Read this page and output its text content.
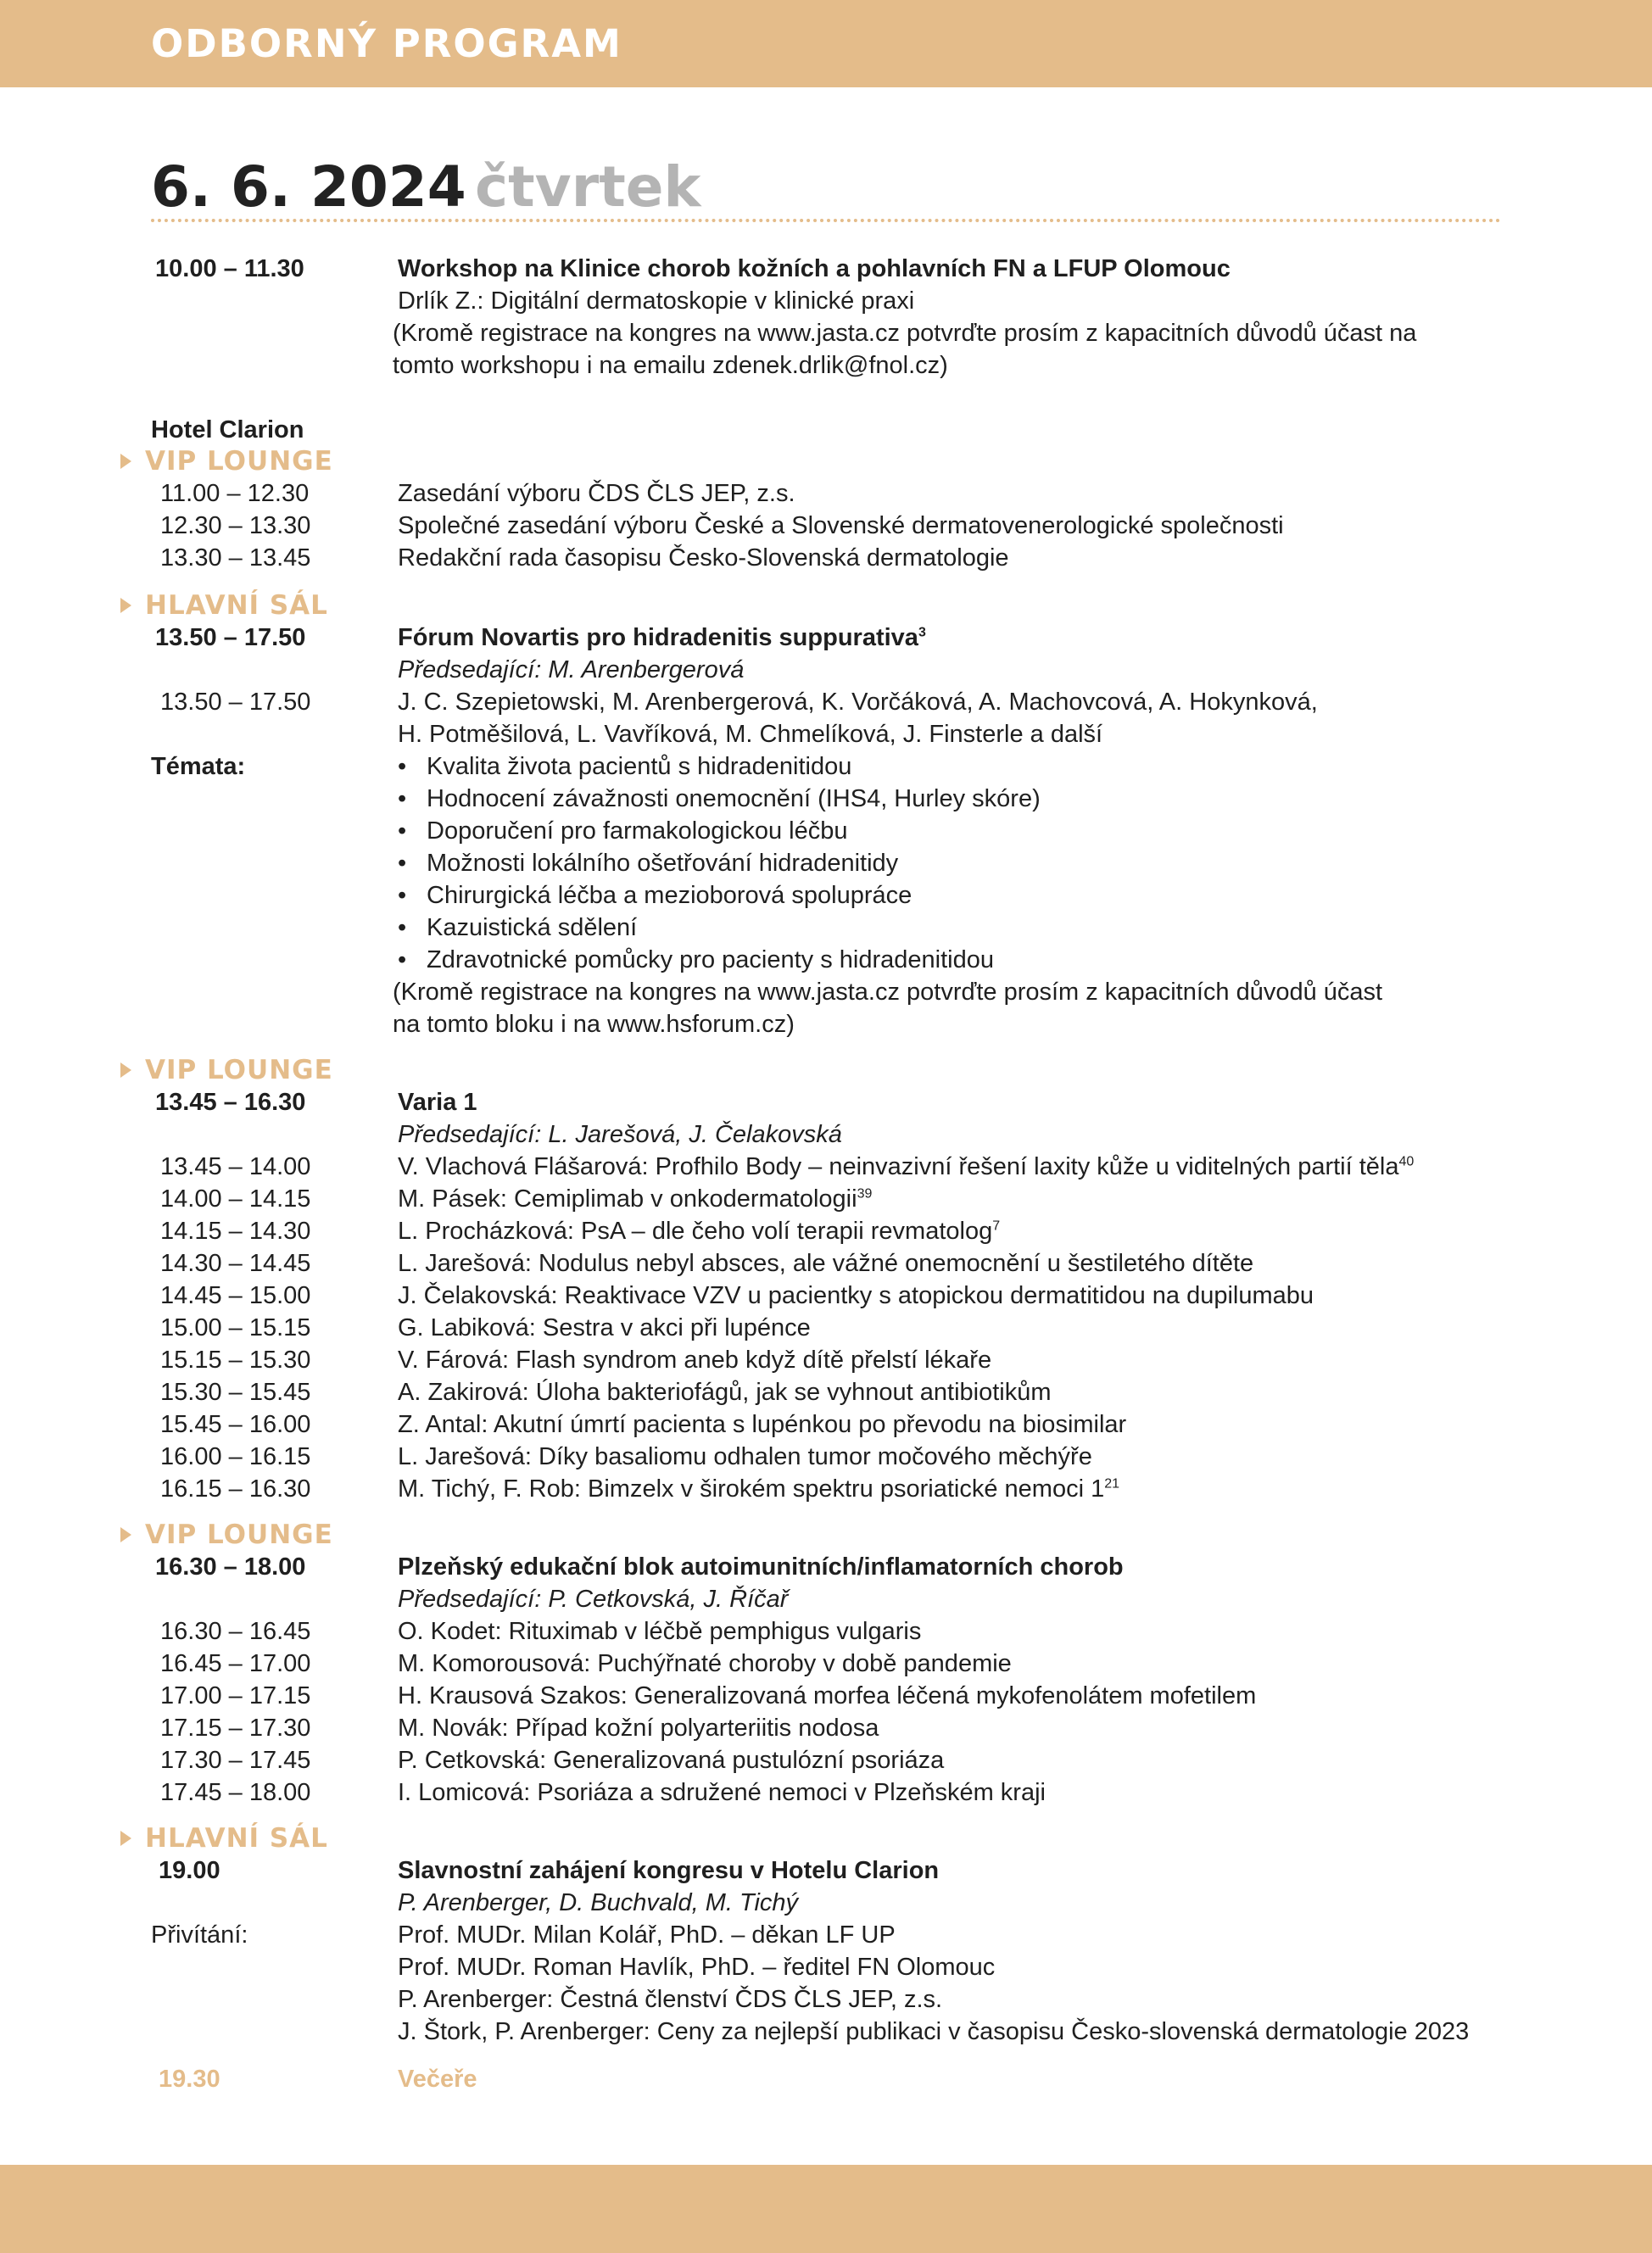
ODBORNÝ PROGRAM
6. 6. 2024 čtvrtek
10.00 – 11.30	Workshop na Klinice chorob kožních a pohlavních FN a LFUP Olomouc
Drlík Z.: Digitální dermatoskopie v klinické praxi
(Kromě registrace na kongres na www.jasta.cz potvrďte prosím z kapacitních důvodů účast na
tomto workshopu i na emailu zdenek.drlik@fnol.cz)
Hotel Clarion
VIP LOUNGE
11.00 – 12.30	Zasedání výboru ČDS ČLS JEP, z.s.
12.30 – 13.30	Společné zasedání výboru České a Slovenské dermatovenerologické společnosti
13.30 – 13.45	Redakční rada časopisu Česko-Slovenská dermatologie
HLAVNÍ SÁL
13.50 – 17.50	Fórum Novartis pro hidradenitis suppurativa$^3$
Předsedající: M. Arenbergerová
13.50 – 17.50	J. C. Szepietowski, M. Arenbergerová, K. Vorčáková, A. Machovcová, A. Hokynková,
H. Potměšilová, L. Vavříková, M. Chmelíková, J. Finsterle a další
Témata:	• Kvalita života pacientů s hidradenitidou
• Hodnocení závažnosti onemocnění (IHS4, Hurley skóre)
• Doporučení pro farmakologickou léčbu
• Možnosti lokálního ošetřování hidradenitidy
• Chirurgická léčba a mezioborová spolupráce
• Kazuistická sdělení
• Zdravotnické pomůcky pro pacienty s hidradenitidou
(Kromě registrace na kongres na www.jasta.cz potvrďte prosím z kapacitních důvodů účast
na tomto bloku i na www.hsforum.cz)
VIP LOUNGE
13.45 – 16.30	Varia 1
Předsedající: L. Jarešová, J. Čelakovská
13.45 – 14.00	V. Vlachová Flášarová: Profhilo Body – neinvazivní řešení laxity kůže u viditelných partií těla$^{40}$
14.00 – 14.15	M. Pásek: Cemiplimab v onkodermatologii$^{39}$
14.15 – 14.30	L. Procházková: PsA – dle čeho volí terapii revmatolog$^7$
14.30 – 14.45	L. Jarešová: Nodulus nebyl absces, ale vážné onemocnění u šestiletého dítěte
14.45 – 15.00	J. Čelakovská: Reaktivace VZV u pacientky s atopickou dermatitidou na dupilumabu
15.00 – 15.15	G. Labiková: Sestra v akci při lupénce
15.15 – 15.30	V. Fárová: Flash syndrom aneb když dítě přelstí lékaře
15.30 – 15.45	A. Zakirová: Úloha bakteriofágů, jak se vyhnout antibiotikům
15.45 – 16.00	Z. Antal: Akutní úmrtí pacienta s lupénkou po převodu na biosimilar
16.00 – 16.15	L. Jarešová: Díky basaliomu odhalen tumor močového měchýře
16.15 – 16.30	M. Tichý, F. Rob: Bimzelx v širokém spektru psoriatické nemoci $1^{21}$
VIP LOUNGE
16.30 – 18.00	Plzeňský edukační blok autoimunitních/inflamatorních chorob
Předsedající: P. Cetkovská, J. Říčař
16.30 – 16.45	O. Kodet: Rituximab v léčbě pemphigus vulgaris
16.45 – 17.00	M. Komorousová: Puchýřnaté choroby v době pandemie
17.00 – 17.15	H. Krausová Szakos: Generalizovaná morfea léčená mykofenolátem mofetilem
17.15 – 17.30	M. Novák: Případ kožní polyarteriitis nodosa
17.30 – 17.45	P. Cetkovská: Generalizovaná pustulózní psoriáza
17.45 – 18.00	I. Lomicová: Psoriáza a sdružené nemoci v Plzeňském kraji
HLAVNÍ SÁL
19.00	Slavnostní zahájení kongresu v Hotelu Clarion
P. Arenberger, D. Buchvald, M. Tichý
Přivítání:	Prof. MUDr. Milan Kolář, PhD. – děkan LF UP
Prof. MUDr. Roman Havlík, PhD. – ředitel FN Olomouc
P. Arenberger: Čestná členství ČDS ČLS JEP, z.s.
J. Štork, P. Arenberger: Ceny za nejlepší publikaci v časopisu Česko-slovenská dermatologie 2023
19.30	Večeře
